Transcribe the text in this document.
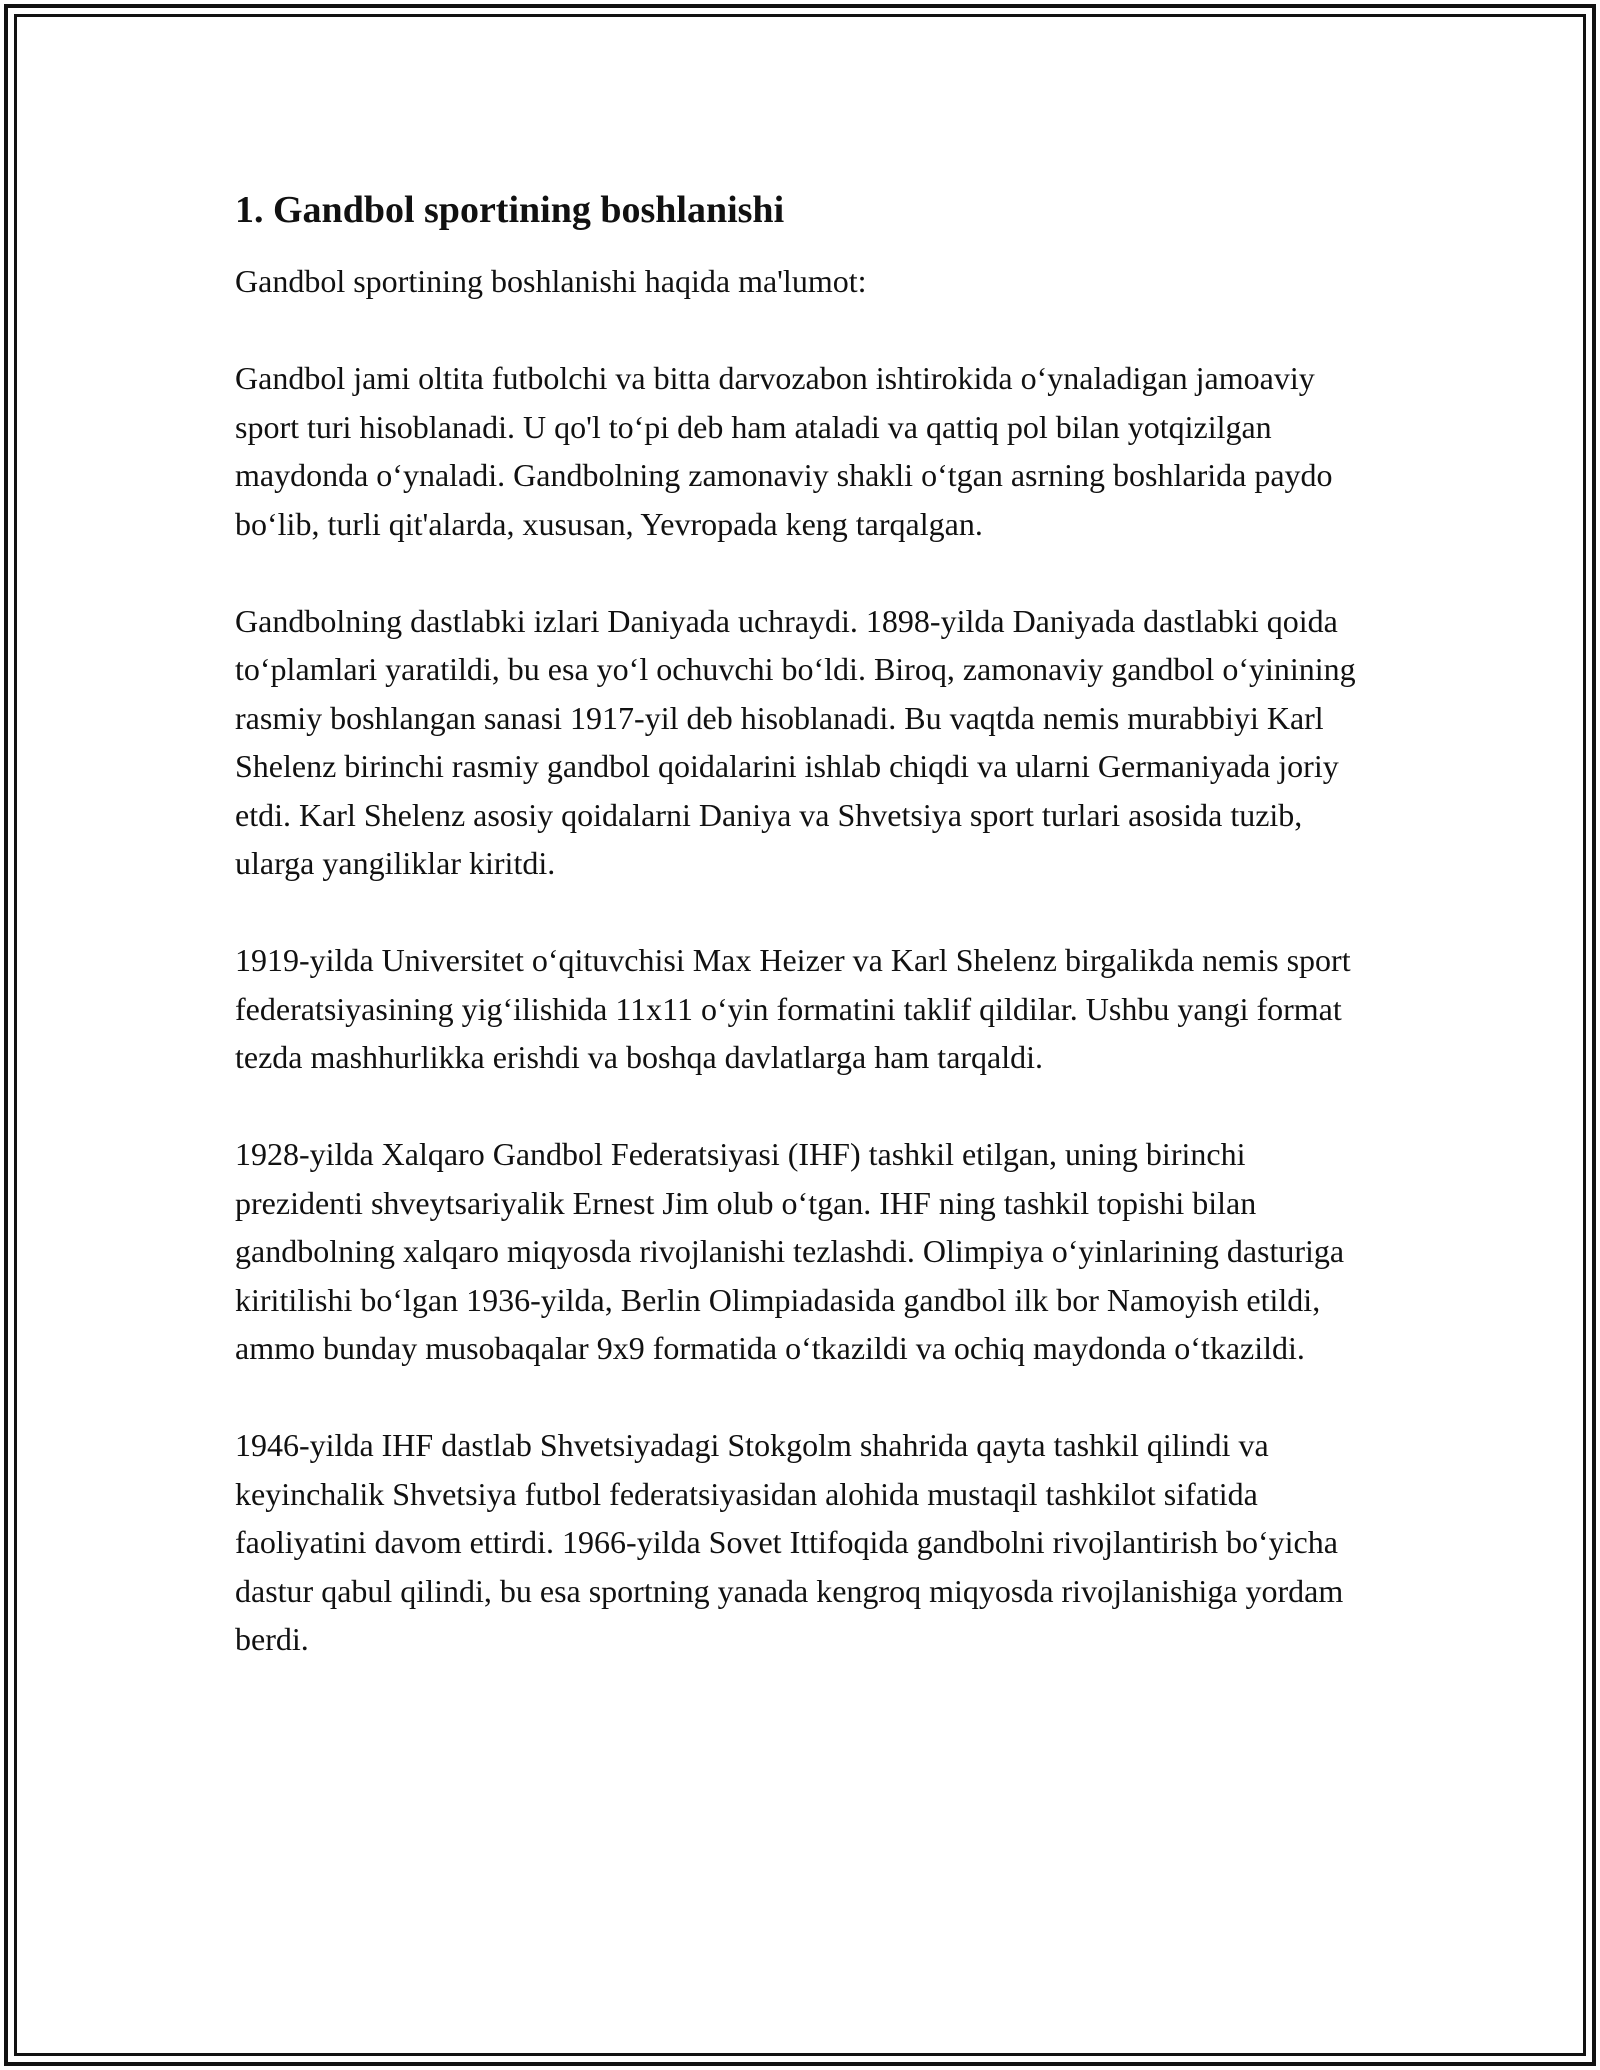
1. Gandbol sportining boshlanishi

Gandbol sportining boshlanishi haqida ma'lumot:

Gandbol jami oltita futbolchi va bitta darvozabon ishtirokida o‘ynaladigan jamoaviy sport turi hisoblanadi. U qo'l to‘pi deb ham ataladi va qattiq pol bilan yotqizilgan maydonda o‘ynaladi. Gandbolning zamonaviy shakli o‘tgan asrning boshlarida paydo bo‘lib, turli qit'alarda, xususan, Yevropada keng tarqalgan.

Gandbolning dastlabki izlari Daniyada uchraydi. 1898-yilda Daniyada dastlabki qoida to‘plamlari yaratildi, bu esa yo‘l ochuvchi bo‘ldi. Biroq, zamonaviy gandbol o‘yinining rasmiy boshlangan sanasi 1917-yil deb hisoblanadi. Bu vaqtda nemis murabbiyi Karl Shelenz birinchi rasmiy gandbol qoidalarini ishlab chiqdi va ularni Germaniyada joriy etdi. Karl Shelenz asosiy qoidalarni Daniya va Shvetsiya sport turlari asosida tuzib, ularga yangiliklar kiritdi.

1919-yilda Universitet o‘qituvchisi Max Heizer va Karl Shelenz birgalikda nemis sport federatsiyasining yig‘ilishida 11x11 o‘yin formatini taklif qildilar. Ushbu yangi format tezda mashhurlikka erishdi va boshqa davlatlarga ham tarqaldi.

1928-yilda Xalqaro Gandbol Federatsiyasi (IHF) tashkil etilgan, uning birinchi prezidenti shveytsariyalik Ernest Jim olub o‘tgan. IHF ning tashkil topishi bilan gandbolning xalqaro miqyosda rivojlanishi tezlashdi. Olimpiya o‘yinlarining dasturiga kiritilishi bo‘lgan 1936-yilda, Berlin Olimpiadasida gandbol ilk bor Namoyish etildi, ammo bunday musobaqalar 9x9 formatida o‘tkazildi va ochiq maydonda o‘tkazildi.

1946-yilda IHF dastlab Shvetsiyadagi Stokgolm shahrida qayta tashkil qilindi va keyinchalik Shvetsiya futbol federatsiyasidan alohida mustaqil tashkilot sifatida faoliyatini davom ettirdi. 1966-yilda Sovet Ittifoqida gandbolni rivojlantirish bo‘yicha dastur qabul qilindi, bu esa sportning yanada kengroq miqyosda rivojlanishiga yordam berdi.
